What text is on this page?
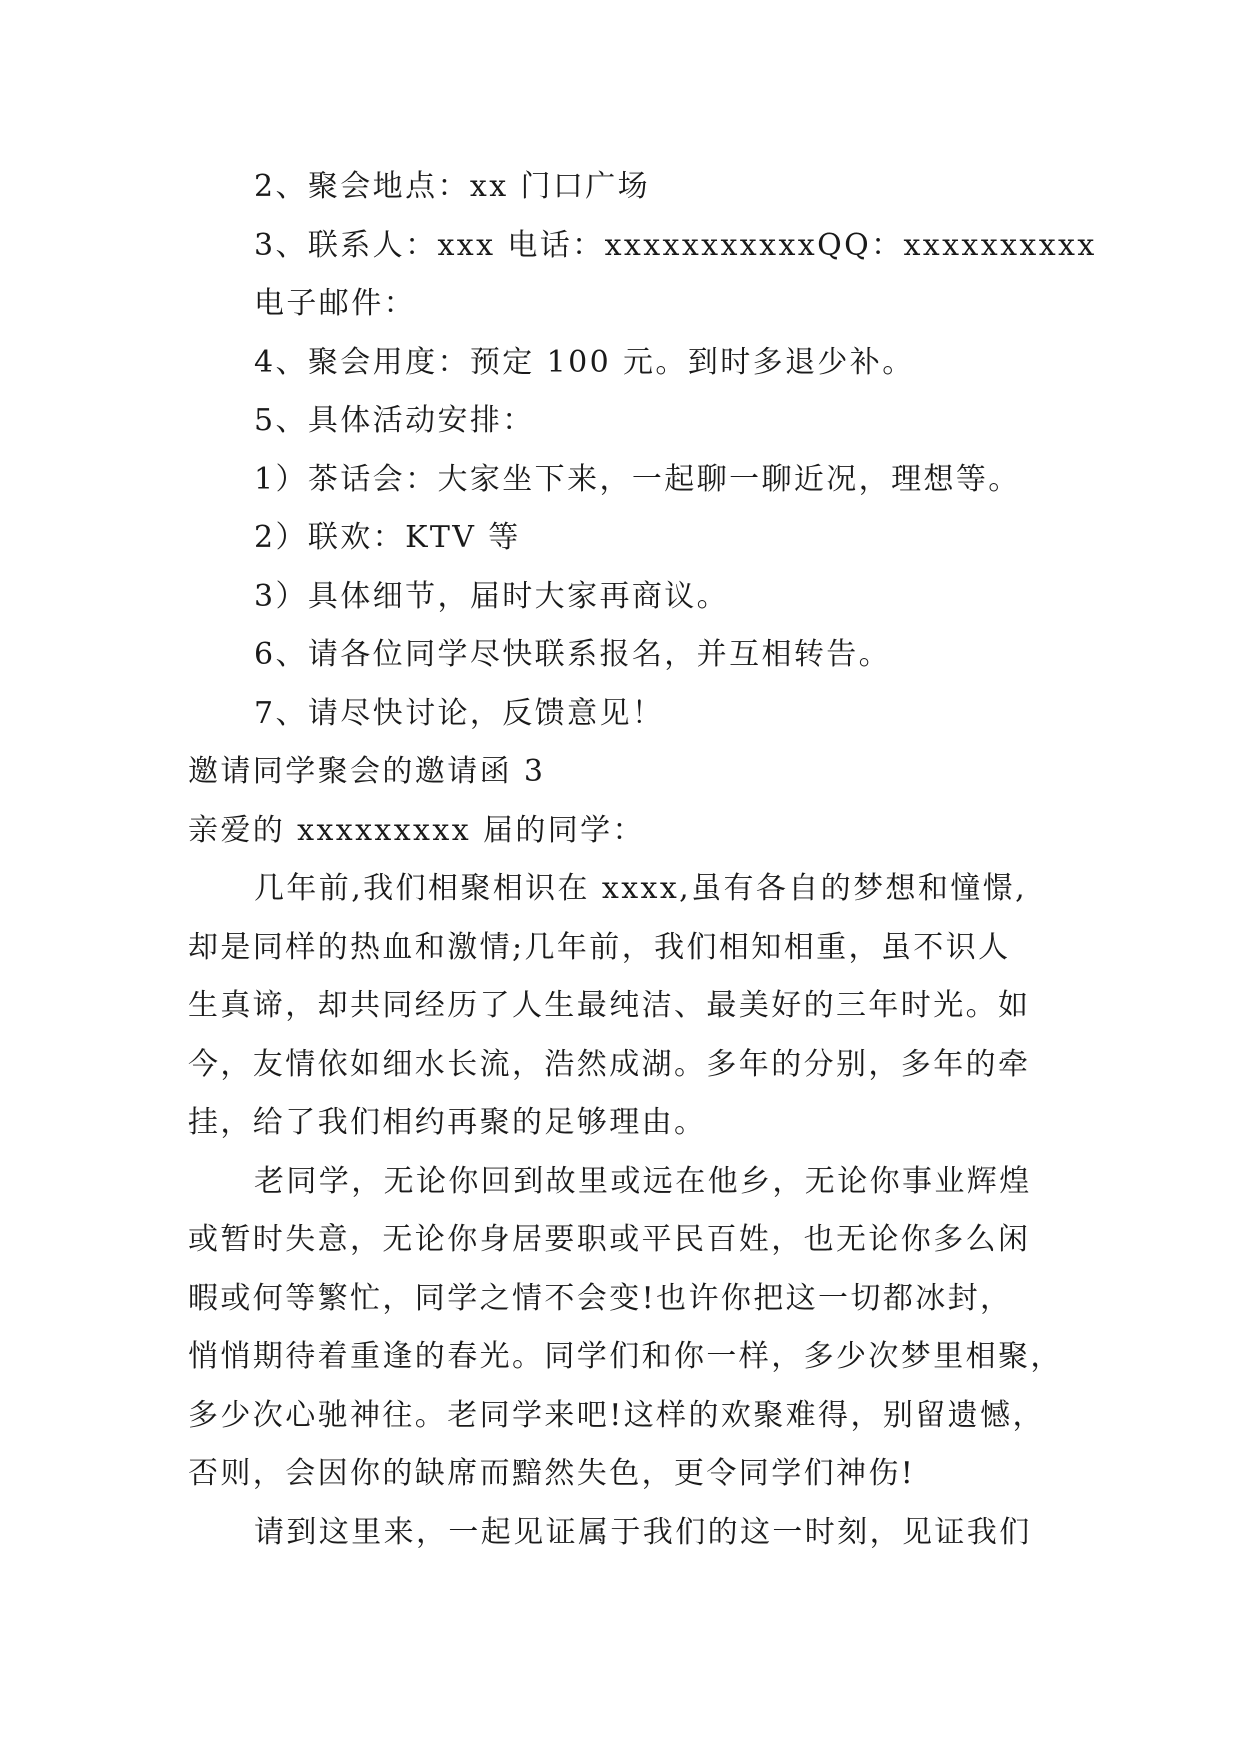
2、聚会地点：xx 门口广场
3、联系人：xxx 电话：xxxxxxxxxxxQQ：xxxxxxxxxx
电子邮件：
4、聚会用度：预定 100 元。到时多退少补。
5、具体活动安排：
1）茶话会：大家坐下来，一起聊一聊近况，理想等。
2）联欢：KTV 等
3）具体细节，届时大家再商议。
6、请各位同学尽快联系报名，并互相转告。
7、请尽快讨论，反馈意见！
邀请同学聚会的邀请函 3
亲爱的 xxxxxxxxx 届的同学：
几年前,我们相聚相识在 xxxx,虽有各自的梦想和憧憬,
却是同样的热血和激情;几年前，我们相知相重，虽不识人
生真谛，却共同经历了人生最纯洁、最美好的三年时光。如
今，友情依如细水长流，浩然成湖。多年的分别，多年的牵
挂，给了我们相约再聚的足够理由。
老同学，无论你回到故里或远在他乡，无论你事业辉煌
或暂时失意，无论你身居要职或平民百姓，也无论你多么闲
暇或何等繁忙，同学之情不会变!也许你把这一切都冰封，
悄悄期待着重逢的春光。同学们和你一样，多少次梦里相聚，
多少次心驰神往。老同学来吧!这样的欢聚难得，别留遗憾，
否则，会因你的缺席而黯然失色，更令同学们神伤!
请到这里来，一起见证属于我们的这一时刻，见证我们
